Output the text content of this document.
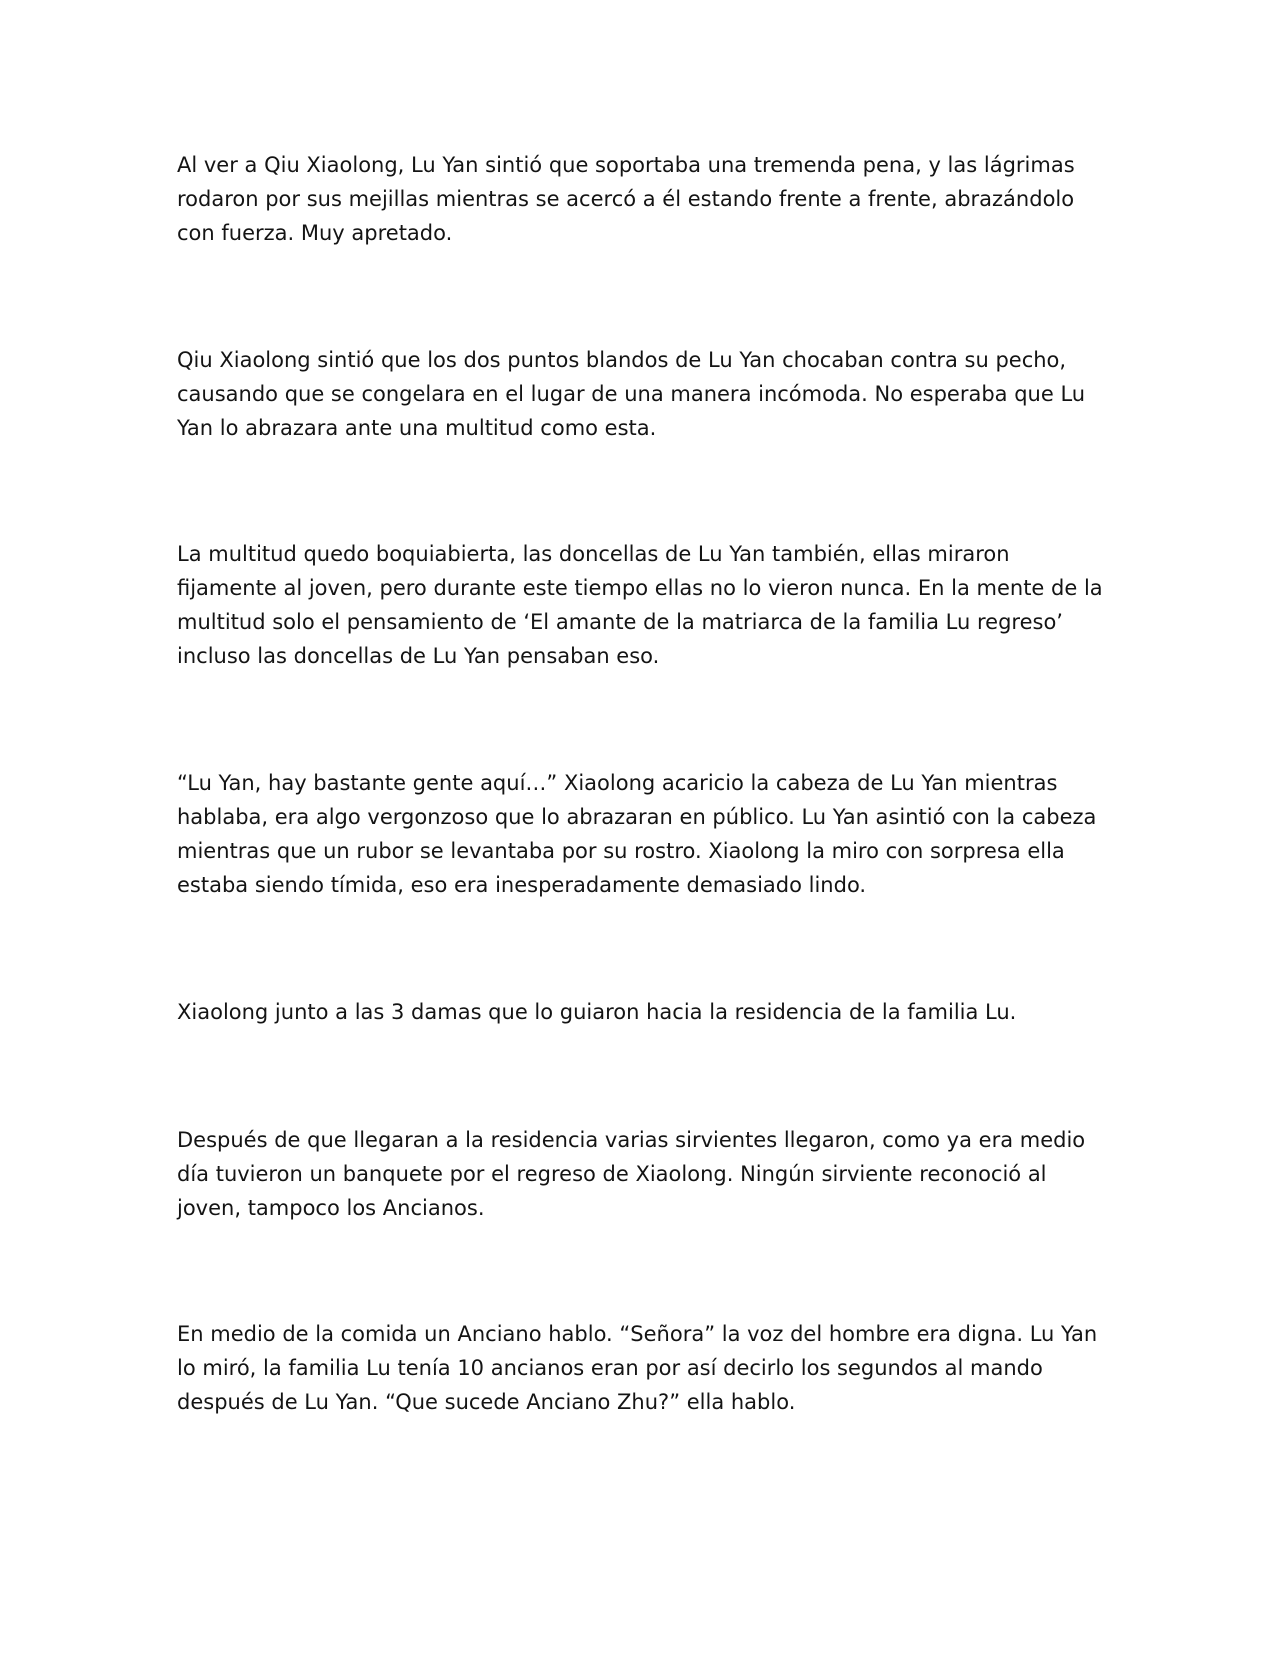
Al ver a Qiu Xiaolong, Lu Yan sintió que soportaba una tremenda pena, y las lágrimas rodaron por sus mejillas mientras se acercó a él estando frente a frente, abrazándolo con fuerza. Muy apretado.

Qiu Xiaolong sintió que los dos puntos blandos de Lu Yan chocaban contra su pecho, causando que se congelara en el lugar de una manera incómoda. No esperaba que Lu Yan lo abrazara ante una multitud como esta.

La multitud quedo boquiabierta, las doncellas de Lu Yan también, ellas miraron fijamente al joven, pero durante este tiempo ellas no lo vieron nunca. En la mente de la multitud solo el pensamiento de ‘El amante de la matriarca de la familia Lu regreso’ incluso las doncellas de Lu Yan pensaban eso.

“Lu Yan, hay bastante gente aquí…” Xiaolong acaricio la cabeza de Lu Yan mientras hablaba, era algo vergonzoso que lo abrazaran en público. Lu Yan asintió con la cabeza mientras que un rubor se levantaba por su rostro. Xiaolong la miro con sorpresa ella estaba siendo tímida, eso era inesperadamente demasiado lindo.

Xiaolong junto a las 3 damas que lo guiaron hacia la residencia de la familia Lu.

Después de que llegaran a la residencia varias sirvientes llegaron, como ya era medio día tuvieron un banquete por el regreso de Xiaolong. Ningún sirviente reconoció al joven, tampoco los Ancianos.

En medio de la comida un Anciano hablo. “Señora” la voz del hombre era digna. Lu Yan lo miró, la familia Lu tenía 10 ancianos eran por así decirlo los segundos al mando después de Lu Yan. “Que sucede Anciano Zhu?” ella hablo.
